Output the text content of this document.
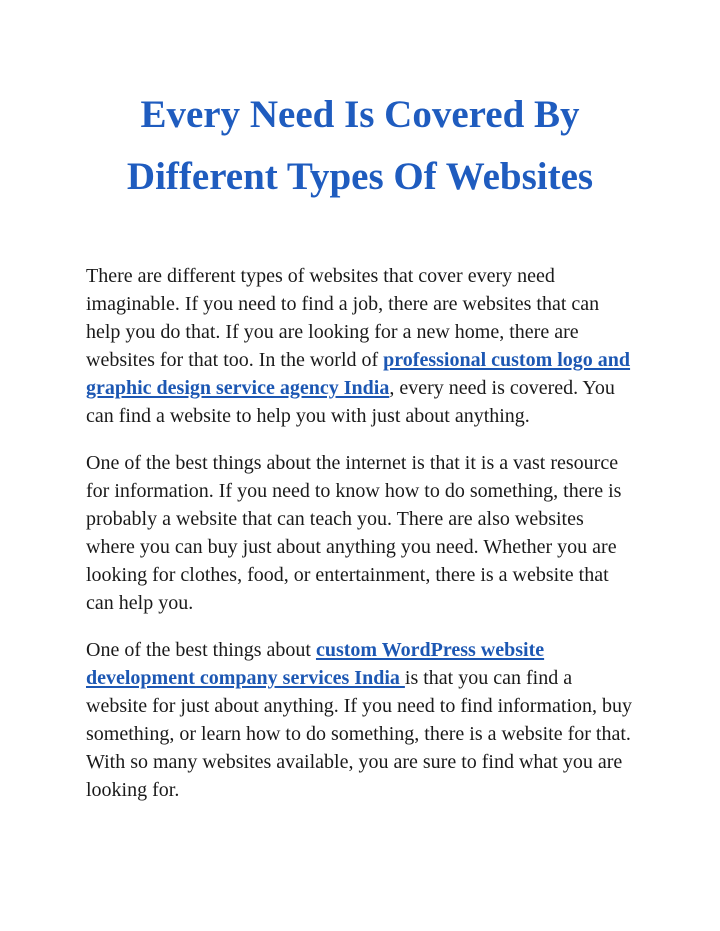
Every Need Is Covered By
Different Types Of Websites

There are different types of websites that cover every need imaginable. If you need to find a job, there are websites that can help you do that. If you are looking for a new home, there are websites for that too. In the world of professional custom logo and graphic design service agency India, every need is covered. You can find a website to help you with just about anything.

One of the best things about the internet is that it is a vast resource for information. If you need to know how to do something, there is probably a website that can teach you. There are also websites where you can buy just about anything you need. Whether you are looking for clothes, food, or entertainment, there is a website that can help you.

One of the best things about custom WordPress website development company services India is that you can find a website for just about anything. If you need to find information, buy something, or learn how to do something, there is a website for that. With so many websites available, you are sure to find what you are looking for.
